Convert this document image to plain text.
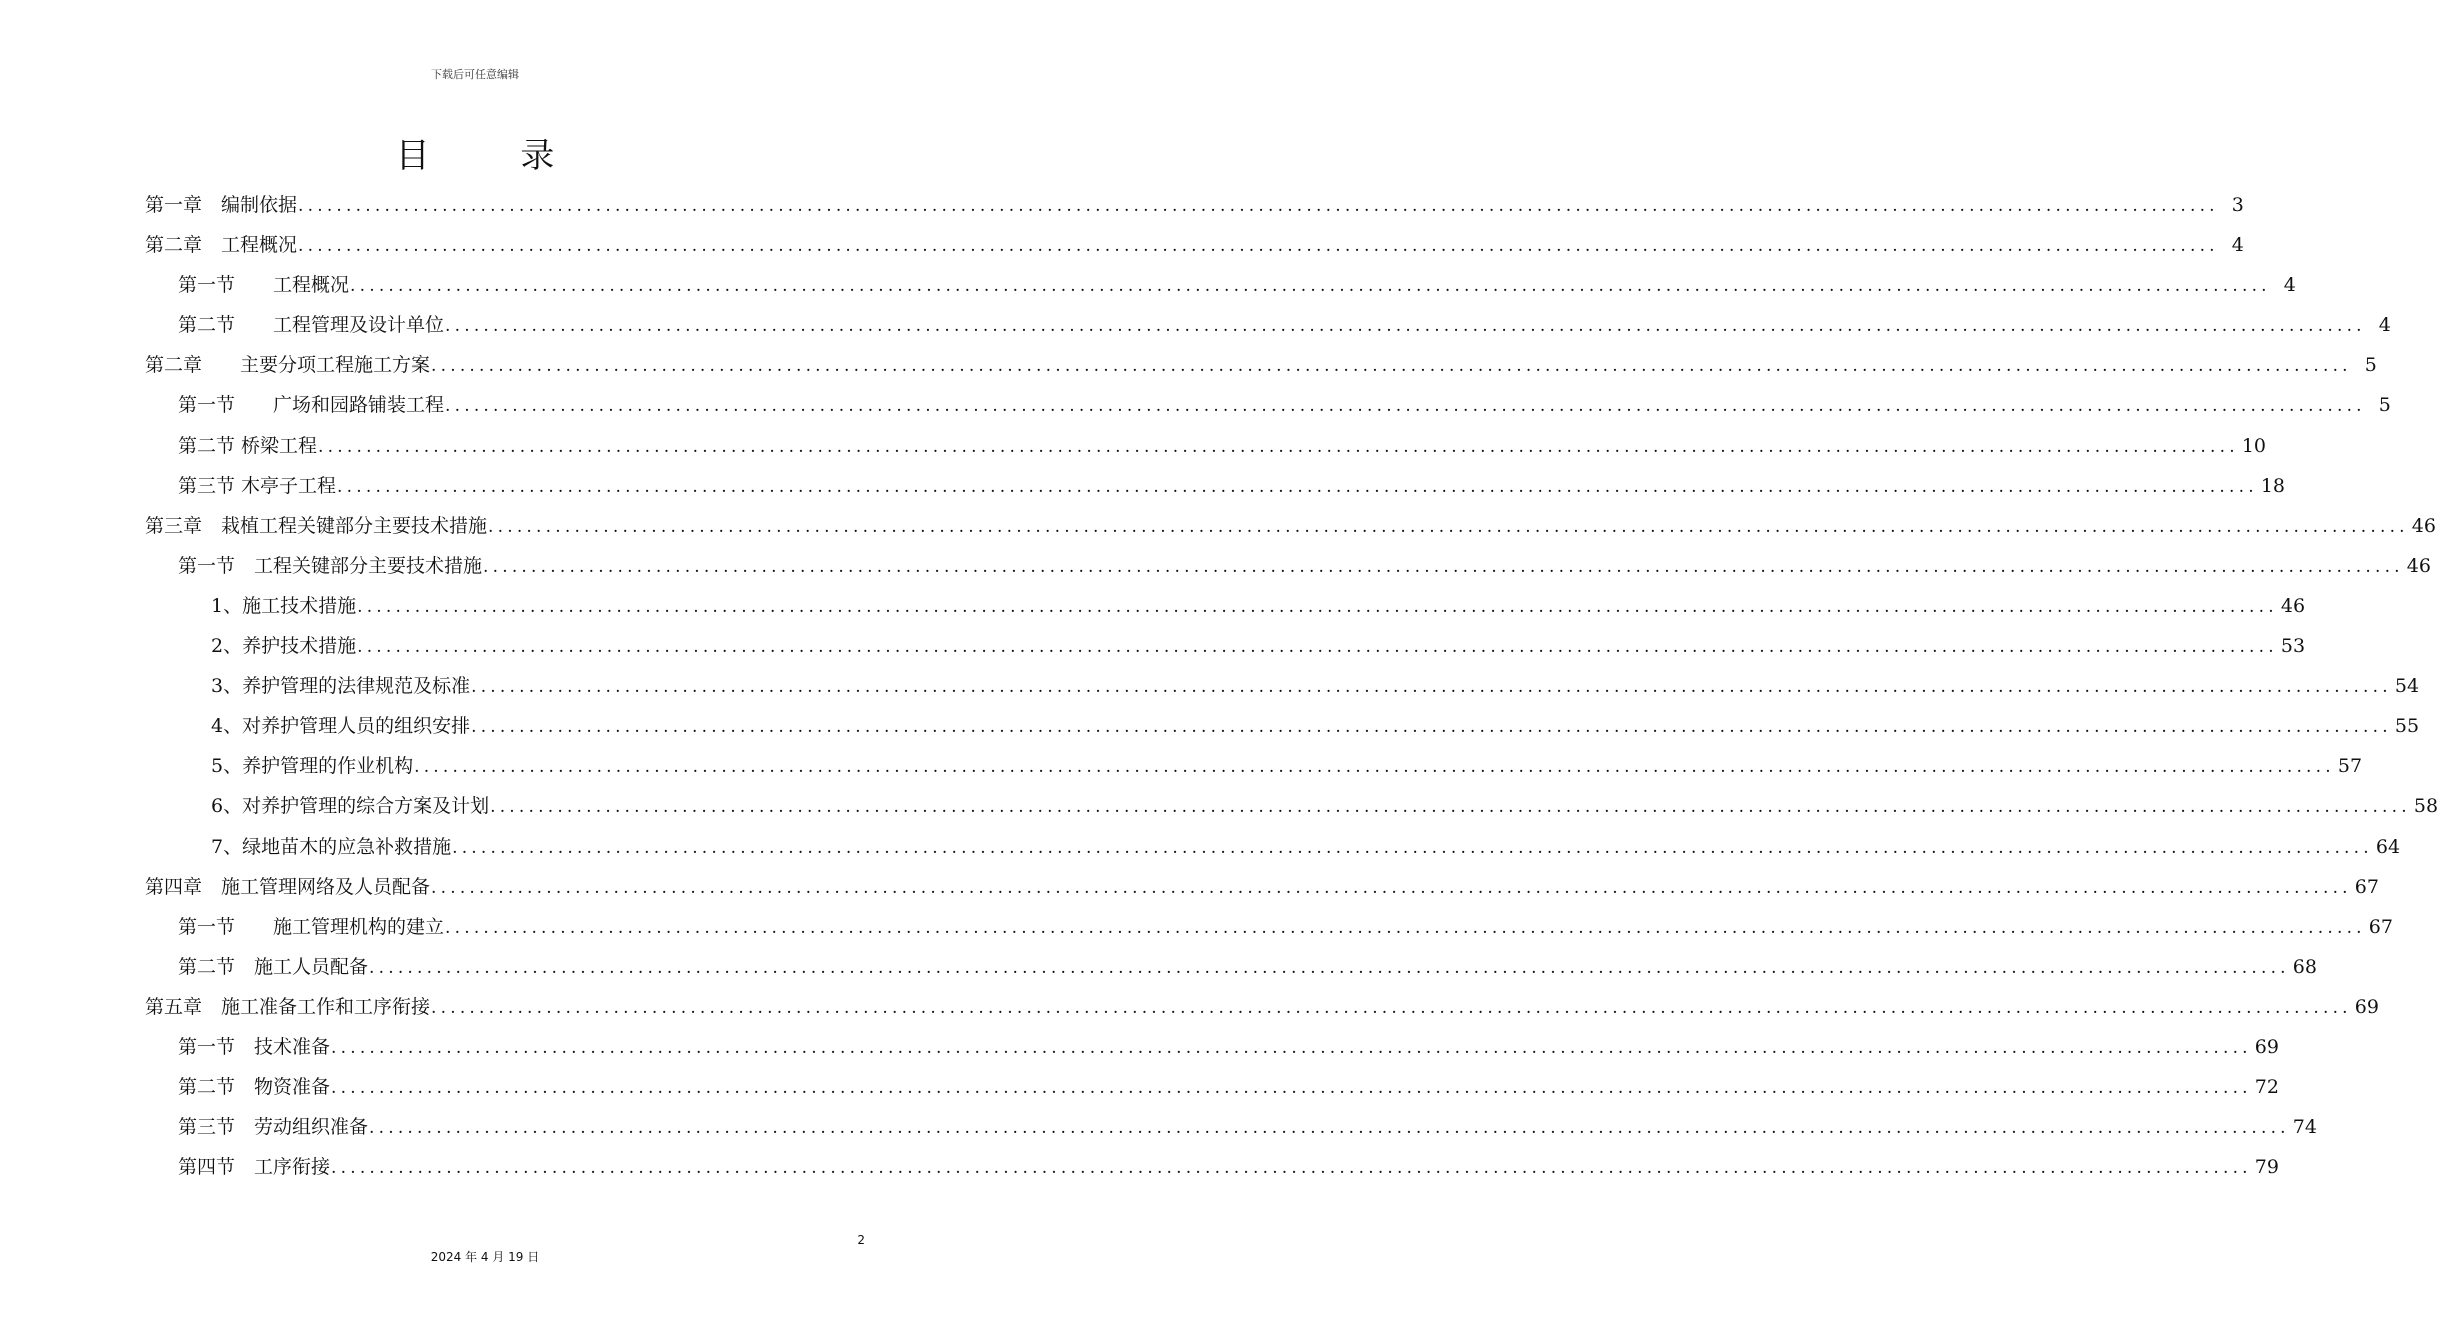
下载后可任意编辑
目 录
第一章　编制依据 ........................................................................................................................................................................................................ 3
第二章　工程概况 ........................................................................................................................................................................................................ 4
第一节　　工程概况 ........................................................................................................................................................................................................ 4
第二节　　工程管理及设计单位 ........................................................................................................................................................................................................ 4
第二章　　主要分项工程施工方案 ........................................................................................................................................................................................................ 5
第一节　　广场和园路铺装工程 ........................................................................................................................................................................................................ 5
第二节 桥梁工程 ........................................................................................................................................................................................................ 10
第三节 木亭子工程 ........................................................................................................................................................................................................ 18
第三章　栽植工程关键部分主要技术措施 ........................................................................................................................................................................................................ 46
第一节　工程关键部分主要技术措施 ........................................................................................................................................................................................................ 46
1、施工技术措施 ........................................................................................................................................................................................................ 46
2、养护技术措施 ........................................................................................................................................................................................................ 53
3、养护管理的法律规范及标准 ........................................................................................................................................................................................................ 54
4、对养护管理人员的组织安排 ........................................................................................................................................................................................................ 55
5、养护管理的作业机构 ........................................................................................................................................................................................................ 57
6、对养护管理的综合方案及计划 ........................................................................................................................................................................................................ 58
7、绿地苗木的应急补救措施 ........................................................................................................................................................................................................ 64
第四章　施工管理网络及人员配备 ........................................................................................................................................................................................................ 67
第一节　　施工管理机构的建立 ........................................................................................................................................................................................................ 67
第二节　施工人员配备 ........................................................................................................................................................................................................ 68
第五章　施工准备工作和工序衔接 ........................................................................................................................................................................................................ 69
第一节　技术准备 ........................................................................................................................................................................................................ 69
第二节　物资准备 ........................................................................................................................................................................................................ 72
第三节　劳动组织准备 ........................................................................................................................................................................................................ 74
第四节　工序衔接 ........................................................................................................................................................................................................ 79
2
2024 年 4 月 19 日
